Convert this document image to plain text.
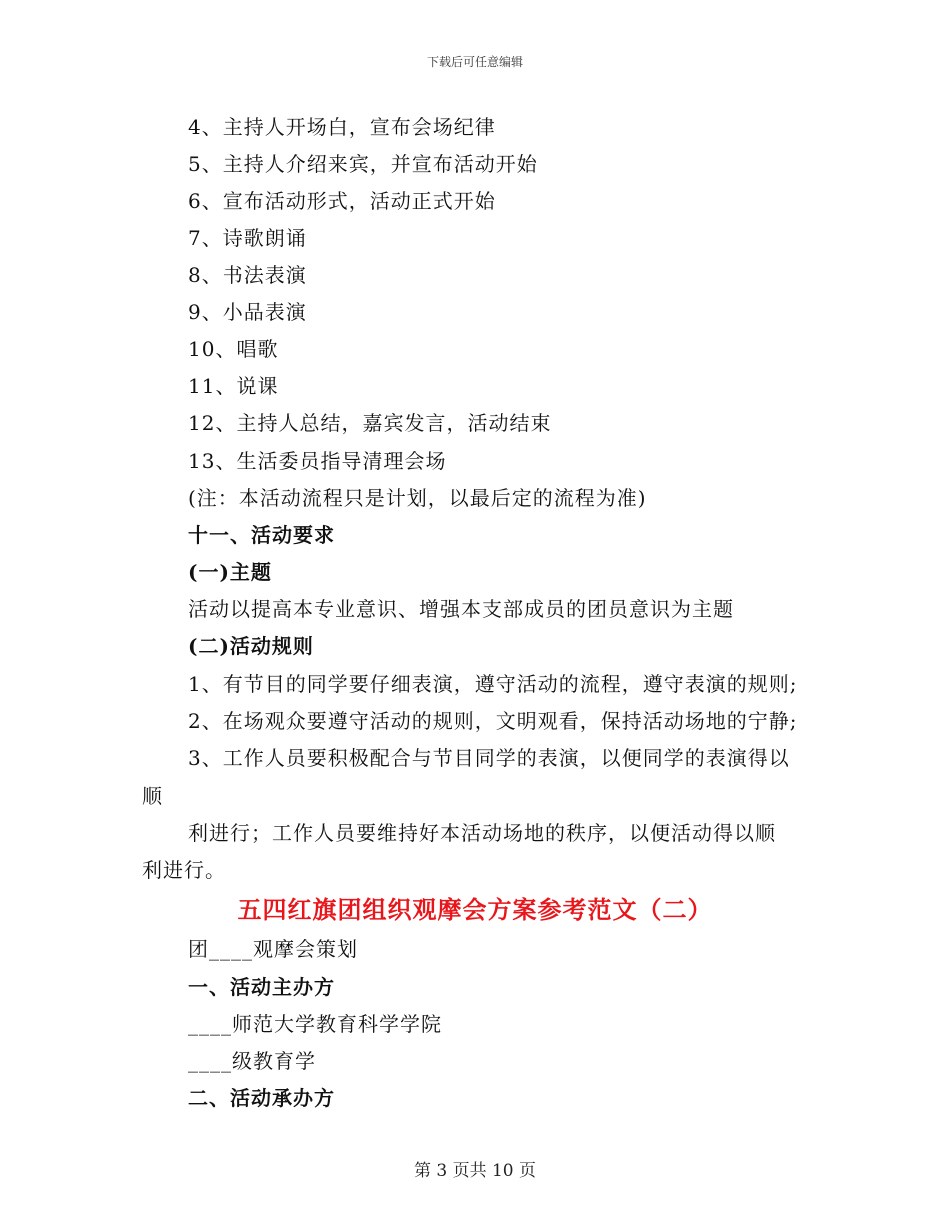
下载后可任意编辑
4、主持人开场白，宣布会场纪律
5、主持人介绍来宾，并宣布活动开始
6、宣布活动形式，活动正式开始
7、诗歌朗诵
8、书法表演
9、小品表演
10、唱歌
11、说课
12、主持人总结，嘉宾发言，活动结束
13、生活委员指导清理会场
(注：本活动流程只是计划，以最后定的流程为准)
十一、活动要求
(一)主题
活动以提高本专业意识、增强本支部成员的团员意识为主题
(二)活动规则
1、有节目的同学要仔细表演，遵守活动的流程，遵守表演的规则;
2、在场观众要遵守活动的规则，文明观看，保持活动场地的宁静;
3、工作人员要积极配合与节目同学的表演，以便同学的表演得以
顺
利进行；工作人员要维持好本活动场地的秩序，以便活动得以顺
利进行。
五四红旗团组织观摩会方案参考范文（二）
团____观摩会策划
一、活动主办方
____师范大学教育科学学院
____级教育学
二、活动承办方
第 3 页共 10 页
